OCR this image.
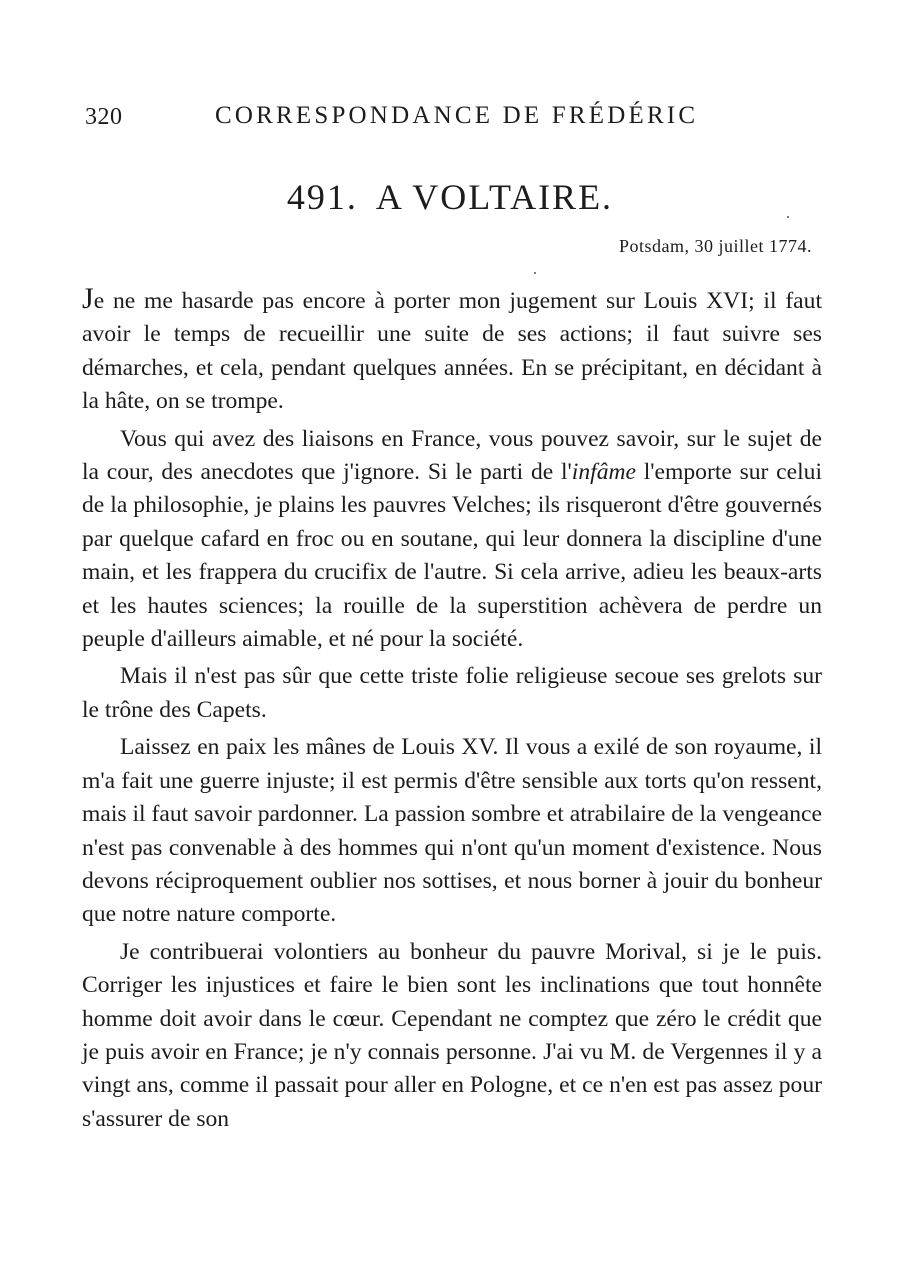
320	CORRESPONDANCE DE FRÉDÉRIC
491. A VOLTAIRE.
Potsdam, 30 juillet 1774.

Je ne me hasarde pas encore à porter mon jugement sur Louis XVI; il faut avoir le temps de recueillir une suite de ses actions; il faut suivre ses démarches, et cela, pendant quelques années. En se précipitant, en décidant à la hâte, on se trompe.

Vous qui avez des liaisons en France, vous pouvez savoir, sur le sujet de la cour, des anecdotes que j'ignore. Si le parti de l'infâme l'emporte sur celui de la philosophie, je plains les pauvres Velches; ils risqueront d'être gouvernés par quelque cafard en froc ou en soutane, qui leur donnera la discipline d'une main, et les frappera du crucifix de l'autre. Si cela arrive, adieu les beaux-arts et les hautes sciences; la rouille de la superstition achèvera de perdre un peuple d'ailleurs aimable, et né pour la société.

Mais il n'est pas sûr que cette triste folie religieuse secoue ses grelots sur le trône des Capets.

Laissez en paix les mânes de Louis XV. Il vous a exilé de son royaume, il m'a fait une guerre injuste; il est permis d'être sensible aux torts qu'on ressent, mais il faut savoir pardonner. La passion sombre et atrabilaire de la vengeance n'est pas convenable à des hommes qui n'ont qu'un moment d'existence. Nous devons réciproquement oublier nos sottises, et nous borner à jouir du bonheur que notre nature comporte.

Je contribuerai volontiers au bonheur du pauvre Morival, si je le puis. Corriger les injustices et faire le bien sont les inclinations que tout honnête homme doit avoir dans le cœur. Cependant ne comptez que zéro le crédit que je puis avoir en France; je n'y connais personne. J'ai vu M. de Vergennes il y a vingt ans, comme il passait pour aller en Pologne, et ce n'en est pas assez pour s'assurer de son
